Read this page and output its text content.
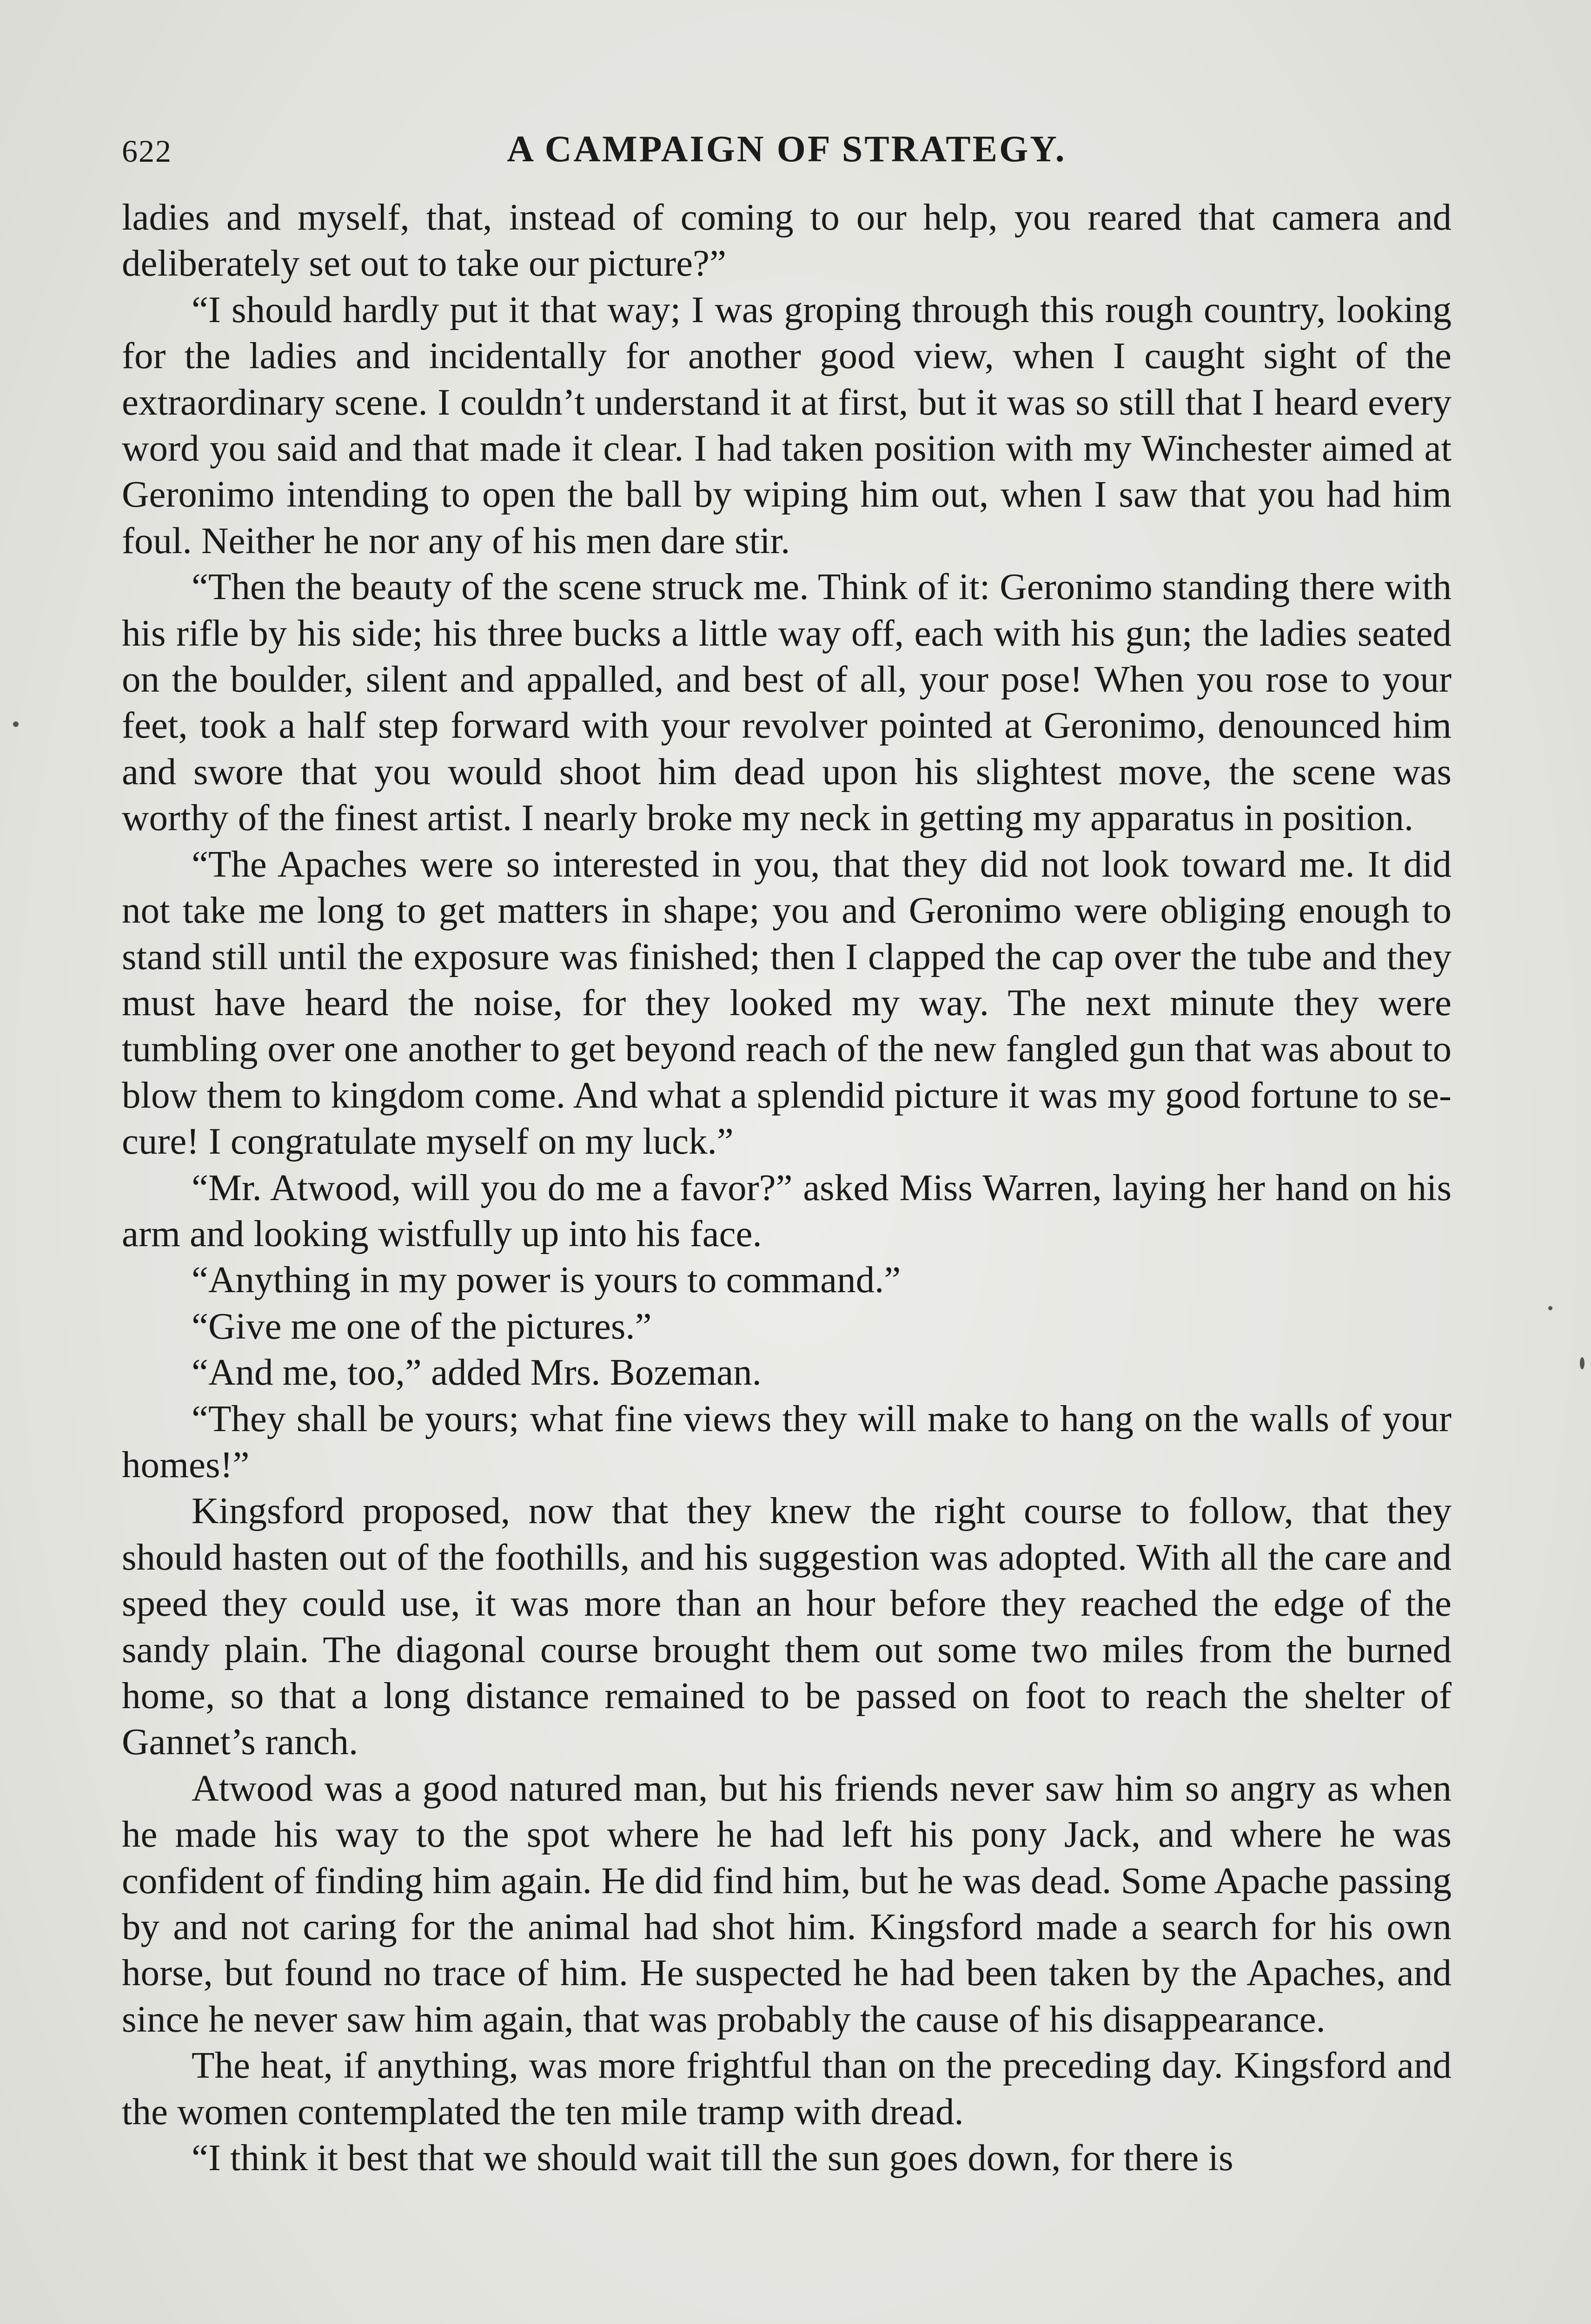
622	A CAMPAIGN OF STRATEGY.

ladies and myself, that, instead of coming to our help, you reared that camera and deliberately set out to take our picture?”

“I should hardly put it that way; I was groping through this rough country, looking for the ladies and incidentally for another good view, when I caught sight of the extraordinary scene. I couldn’t understand it at first, but it was so still that I heard every word you said and that made it clear. I had taken position with my Winchester aimed at Geronimo intending to open the ball by wiping him out, when I saw that you had him foul. Neither he nor any of his men dare stir.

“Then the beauty of the scene struck me. Think of it: Geronimo standing there with his rifle by his side; his three bucks a little way off, each with his gun; the ladies seated on the boulder, silent and appalled, and best of all, your pose! When you rose to your feet, took a half step forward with your revolver pointed at Geronimo, denounced him and swore that you would shoot him dead upon his slightest move, the scene was worthy of the finest artist. I nearly broke my neck in getting my apparatus in position.

“The Apaches were so interested in you, that they did not look toward me. It did not take me long to get matters in shape; you and Geronimo were obliging enough to stand still until the exposure was finished; then I clapped the cap over the tube and they must have heard the noise, for they looked my way. The next minute they were tumbling over one another to get beyond reach of the new fangled gun that was about to blow them to kingdom come. And what a splendid picture it was my good fortune to secure! I congratulate myself on my luck.”

“Mr. Atwood, will you do me a favor?” asked Miss Warren, laying her hand on his arm and looking wistfully up into his face.

“Anything in my power is yours to command.”

“Give me one of the pictures.”

“And me, too,” added Mrs. Bozeman.

“They shall be yours; what fine views they will make to hang on the walls of your homes!”

Kingsford proposed, now that they knew the right course to follow, that they should hasten out of the foothills, and his suggestion was adopted. With all the care and speed they could use, it was more than an hour before they reached the edge of the sandy plain. The diagonal course brought them out some two miles from the burned home, so that a long distance remained to be passed on foot to reach the shelter of Gannet’s ranch.

Atwood was a good natured man, but his friends never saw him so angry as when he made his way to the spot where he had left his pony Jack, and where he was confident of finding him again. He did find him, but he was dead. Some Apache passing by and not caring for the animal had shot him. Kingsford made a search for his own horse, but found no trace of him. He suspected he had been taken by the Apaches, and since he never saw him again, that was probably the cause of his disappearance.

The heat, if anything, was more frightful than on the preceding day. Kingsford and the women contemplated the ten mile tramp with dread.

“I think it best that we should wait till the sun goes down, for there is
